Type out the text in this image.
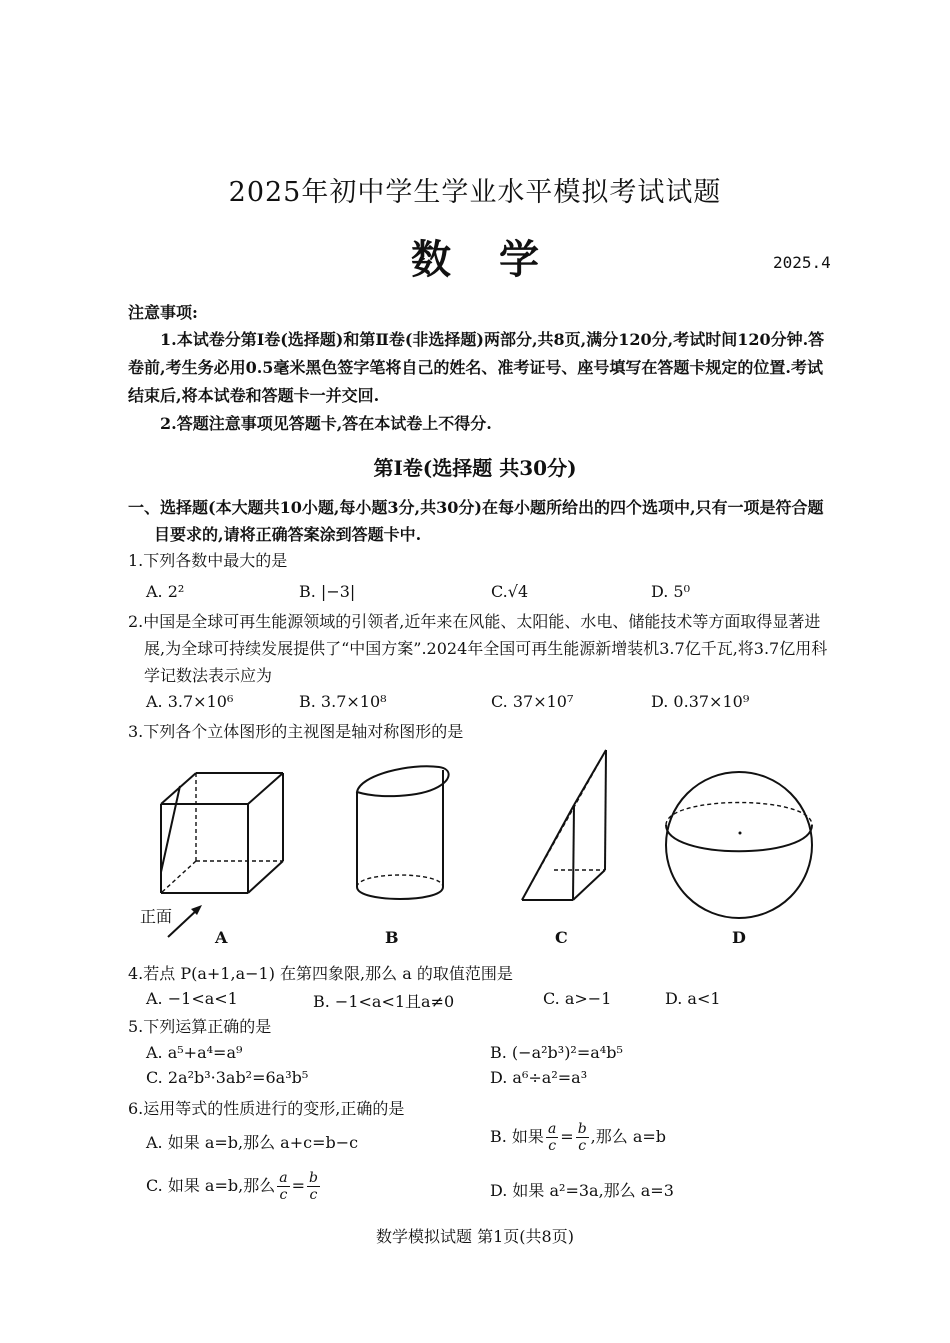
2025年初中学生学业水平模拟考试试题
数学	2025.4
注意事项:
1.本试卷分第Ⅰ卷(选择题)和第Ⅱ卷(非选择题)两部分,共8页,满分120分,考试时间120分钟.答卷前,考生务必用0.5毫米黑色签字笔将自己的姓名、准考证号、座号填写在答题卡规定的位置.考试结束后,将本试卷和答题卡一并交回.
2.答题注意事项见答题卡,答在本试卷上不得分.
第Ⅰ卷(选择题 共30分)
一、选择题(本大题共10小题,每小题3分,共30分)在每小题所给出的四个选项中,只有一项是符合题目要求的,请将正确答案涂到答题卡中.
1.下列各数中最大的是
A. 2²	B. |−3|	C.√4	D. 5⁰
2.中国是全球可再生能源领域的引领者,近年来在风能、太阳能、水电、储能技术等方面取得显著进展,为全球可持续发展提供了“中国方案”.2024年全国可再生能源新增装机3.7亿千瓦,将3.7亿用科学记数法表示应为
A. 3.7×10⁶	B. 3.7×10⁸	C. 37×10⁷	D. 0.37×10⁹
3.下列各个立体图形的主视图是轴对称图形的是
正面
A	B	C	D
4.若点 P(a+1,a−1) 在第四象限,那么 a 的取值范围是
A. −1<a<1	B. −1<a<1且a≠0	C. a>−1	D. a<1
5.下列运算正确的是
A. a⁵+a⁴=a⁹	B. (−a²b³)²=a⁴b⁵
C. 2a²b³·3ab²=6a³b⁵	D. a⁶÷a²=a³
6.运用等式的性质进行的变形,正确的是
A. 如果 a=b,那么 a+c=b−c	B. 如果 $\frac{a}{c} = \frac{b}{c}$ ,那么 a=b
C. 如果 a=b,那么 $\frac{a}{c} = \frac{b}{c}$	D. 如果 a²=3a,那么 a=3
数学模拟试题 第1页(共8页)
